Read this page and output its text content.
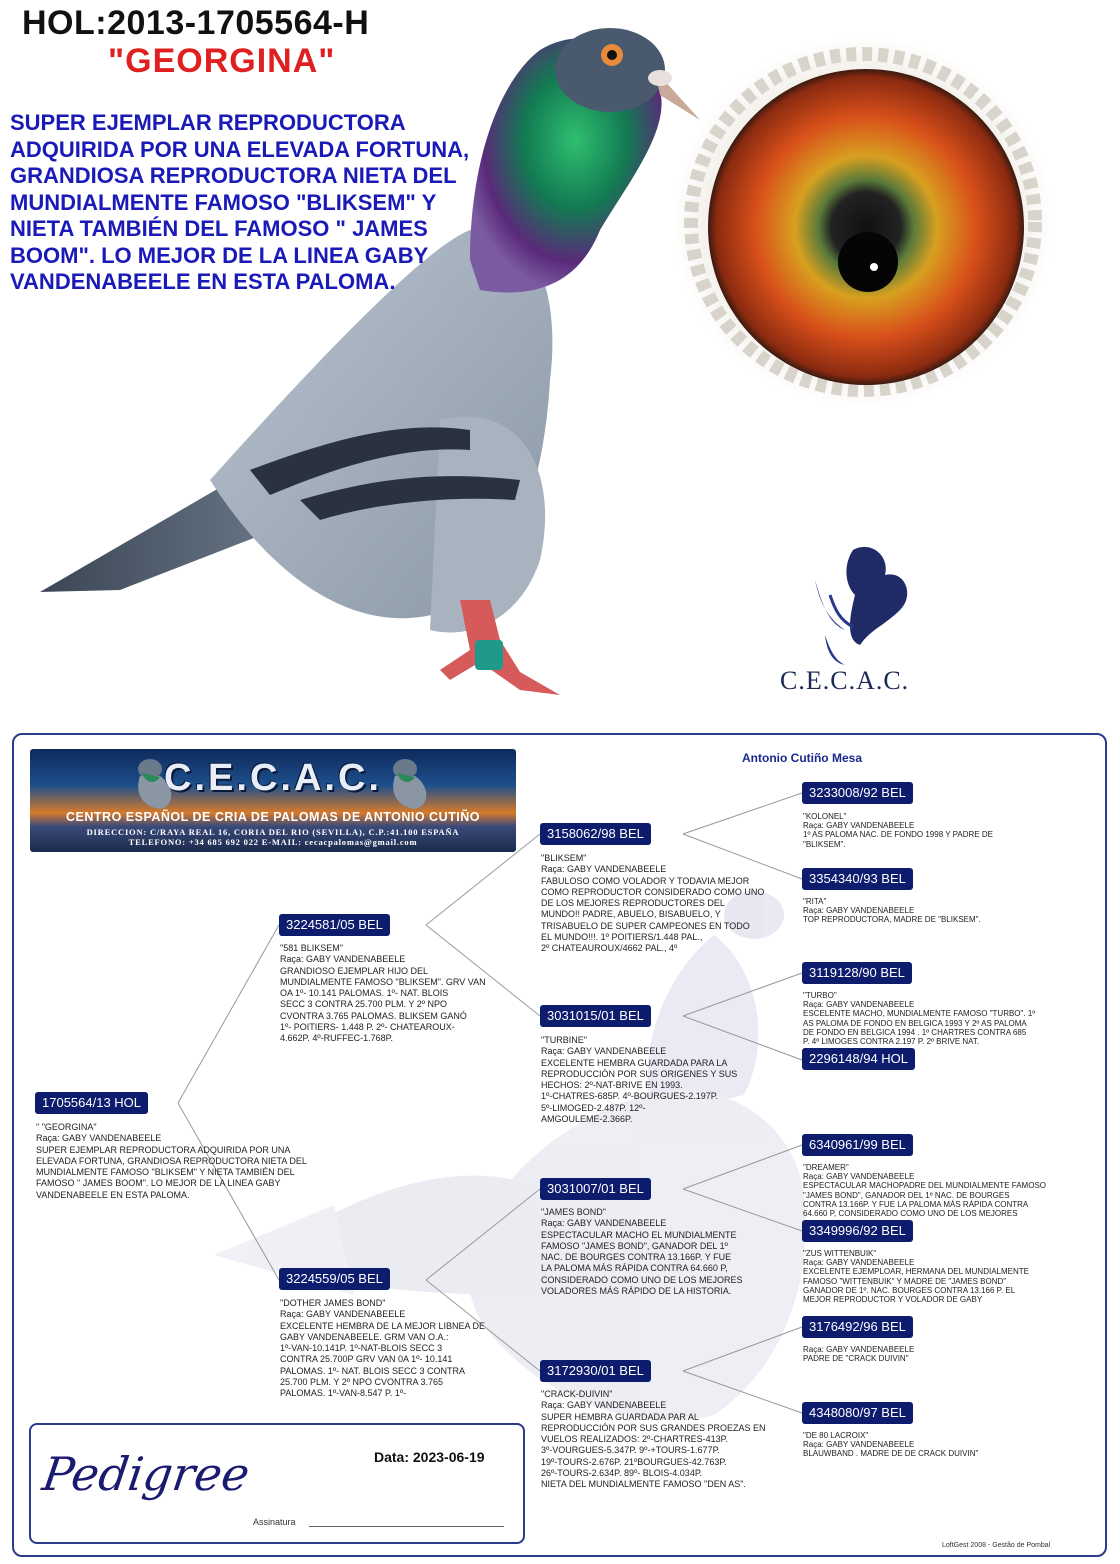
HOL:2013-1705564-H
"GEORGINA"
SUPER EJEMPLAR REPRODUCTORA ADQUIRIDA POR UNA ELEVADA FORTUNA, GRANDIOSA REPRODUCTORA NIETA DEL MUNDIALMENTE FAMOSO "BLIKSEM" Y NIETA TAMBIÉN DEL FAMOSO " JAMES BOOM". LO MEJOR DE LA LINEA GABY VANDENABEELE EN ESTA PALOMA.
C.E.C.A.C.
C.E.C.A.C.
CENTRO ESPAÑOL DE CRIA DE PALOMAS DE ANTONIO CUTIÑO
DIRECCION: C/RAYA REAL 16, CORIA DEL RIO (SEVILLA), C.P.:41.100 ESPAÑA
TELEFONO: +34 685 692 022 E-MAIL: cecacpalomas@gmail.com
Antonio Cutiño Mesa
1705564/13 HOL
" "GEORGINA"
Raça: GABY VANDENABEELE
SUPER EJEMPLAR REPRODUCTORA ADQUIRIDA POR UNA
ELEVADA FORTUNA, GRANDIOSA REPRODUCTORA NIETA DEL
MUNDIALMENTE FAMOSO "BLIKSEM" Y NIETA TAMBIÉN DEL
FAMOSO " JAMES BOOM". LO MEJOR DE LA LINEA GABY
VANDENABEELE EN ESTA PALOMA.
3224581/05 BEL
"581 BLIKSEM"
Raça: GABY VANDENABEELE
GRANDIOSO EJEMPLAR HIJO DEL
MUNDIALMENTE FAMOSO "BLIKSEM". GRV VAN
OA 1º- 10.141 PALOMAS. 1º- NAT. BLOIS
SECC 3 CONTRA 25.700 PLM. Y 2º NPO
CVONTRA 3.765 PALOMAS. BLIKSEM GANÓ
1º- POITIERS- 1.448 P. 2º- CHATEAROUX-
4.662P. 4º-RUFFEC-1.768P.
3224559/05 BEL
"DOTHER JAMES BOND"
Raça: GABY VANDENABEELE
EXCELENTE HEMBRA DE LA MEJOR LIBNEA DE
GABY VANDENABEELE. GRM VAN O.A.:
1º-VAN-10.141P. 1º-NAT-BLOIS SECC 3
CONTRA 25.700P GRV VAN 0A 1º- 10.141
PALOMAS. 1º- NAT. BLOIS SECC 3 CONTRA
25.700 PLM. Y 2º NPO CVONTRA 3.765
PALOMAS. 1º-VAN-8.547 P. 1º-
3158062/98 BEL
"BLIKSEM"
Raça: GABY VANDENABEELE
FABULOSO COMO VOLADOR Y TODAVIA MEJOR
COMO REPRODUCTOR CONSIDERADO COMO UNO
DE LOS MEJORES REPRODUCTORES DEL
MUNDO!! PADRE, ABUELO, BISABUELO, Y
TRISABUELO DE SUPER CAMPEONES EN TODO
EL MUNDO!!!. 1º POITIERS/1.448 PAL.,
2º CHATEAUROUX/4662 PAL., 4º
3031015/01 BEL
"TURBINE"
Raça: GABY VANDENABEELE
EXCELENTE HEMBRA GUARDADA PARA LA
REPRODUCCIÓN POR SUS ORIGENES Y SUS
HECHOS: 2º-NAT-BRIVE EN 1993.
1º-CHATRES-685P. 4º-BOURGUES-2.197P.
5º-LIMOGED-2.487P. 12º-
AMGOULEME-2.366P.
3031007/01 BEL
"JAMES BOND"
Raça: GABY VANDENABEELE
ESPECTACULAR MACHO EL MUNDIALMENTE
FAMOSO "JAMES BOND", GANADOR DEL 1º
NAC. DE BOURGES CONTRA 13.166P. Y FUE
LA PALOMA MÁS RÁPIDA CONTRA 64.660 P,
CONSIDERADO COMO UNO DE LOS MEJORES
VOLADORES MÁS RÁPIDO DE LA HISTORIA.
3172930/01 BEL
"CRACK-DUIVIN"
Raça: GABY VANDENABEELE
SUPER HEMBRA GUARDADA PAR AL
REPRODUCCIÓN POR SUS GRANDES PROEZAS EN
VUELOS REALIZADOS: 2º-CHARTRES-413P.
3º-VOURGUES-5.347P. 9º-+TOURS-1.677P.
19º-TOURS-2.676P. 21ºBOURGUES-42.763P.
26º-TOURS-2.634P. 89º- BLOIS-4.034P.
NIETA DEL MUNDIALMENTE FAMOSO "DEN AS".
3233008/92 BEL
"KOLONEL"
Raça: GABY VANDENABEELE
1º AS PALOMA NAC. DE FONDO 1998 Y PADRE DE
"BLIKSEM".
3354340/93 BEL
"RITA"
Raça: GABY VANDENABEELE
TOP REPRODUCTORA, MADRE DE "BLIKSEM".
3119128/90 BEL
"TURBO"
Raça: GABY VANDENABEELE
ESCELENTE MACHO, MUNDIALMENTE FAMOSO "TURBO". 1º
AS PALOMA DE FONDO EN BELGICA 1993 Y 2º AS PALOMA
DE FONDO EN BELGICA 1994 . 1º CHARTRES CONTRA 685
P. 4º LIMOGES CONTRA 2.197 P. 2º BRIVE NAT.
2296148/94 HOL
6340961/99 BEL
"DREAMER"
Raça: GABY VANDENABEELE
ESPECTACULAR MACHOPADRE DEL MUNDIALMENTE FAMOSO
"JAMES BOND", GANADOR DEL 1º NAC. DE BOURGES
CONTRA 13.166P. Y FUE LA PALOMA MÁS RÁPIDA CONTRA
64.660 P, CONSIDERADO COMO UNO DE LOS MEJORES
3349996/92 BEL
"ZUS WITTENBUIK"
Raça: GABY VANDENABEELE
EXCELENTE EJEMPLOAR, HERMANA DEL MUNDIALMENTE
FAMOSO "WITTENBUIK" Y MADRE DE "JAMES BOND"
GANADOR DE 1º. NAC. BOURGES CONTRA 13.166 P. EL
MEJOR REPRODUCTOR Y VOLADOR DE GABY
3176492/96 BEL
Raça: GABY VANDENABEELE
PADRE DE "CRACK DUIVIN"
4348080/97 BEL
"DE 80 LACROIX"
Raça: GABY VANDENABEELE
BLAUWBAND . MADRE DE DE CRACK DUIVIN"
Pedigree	Data: 2023-06-19
Assinatura
LoftGest 2008 - Gestão de Pombal
